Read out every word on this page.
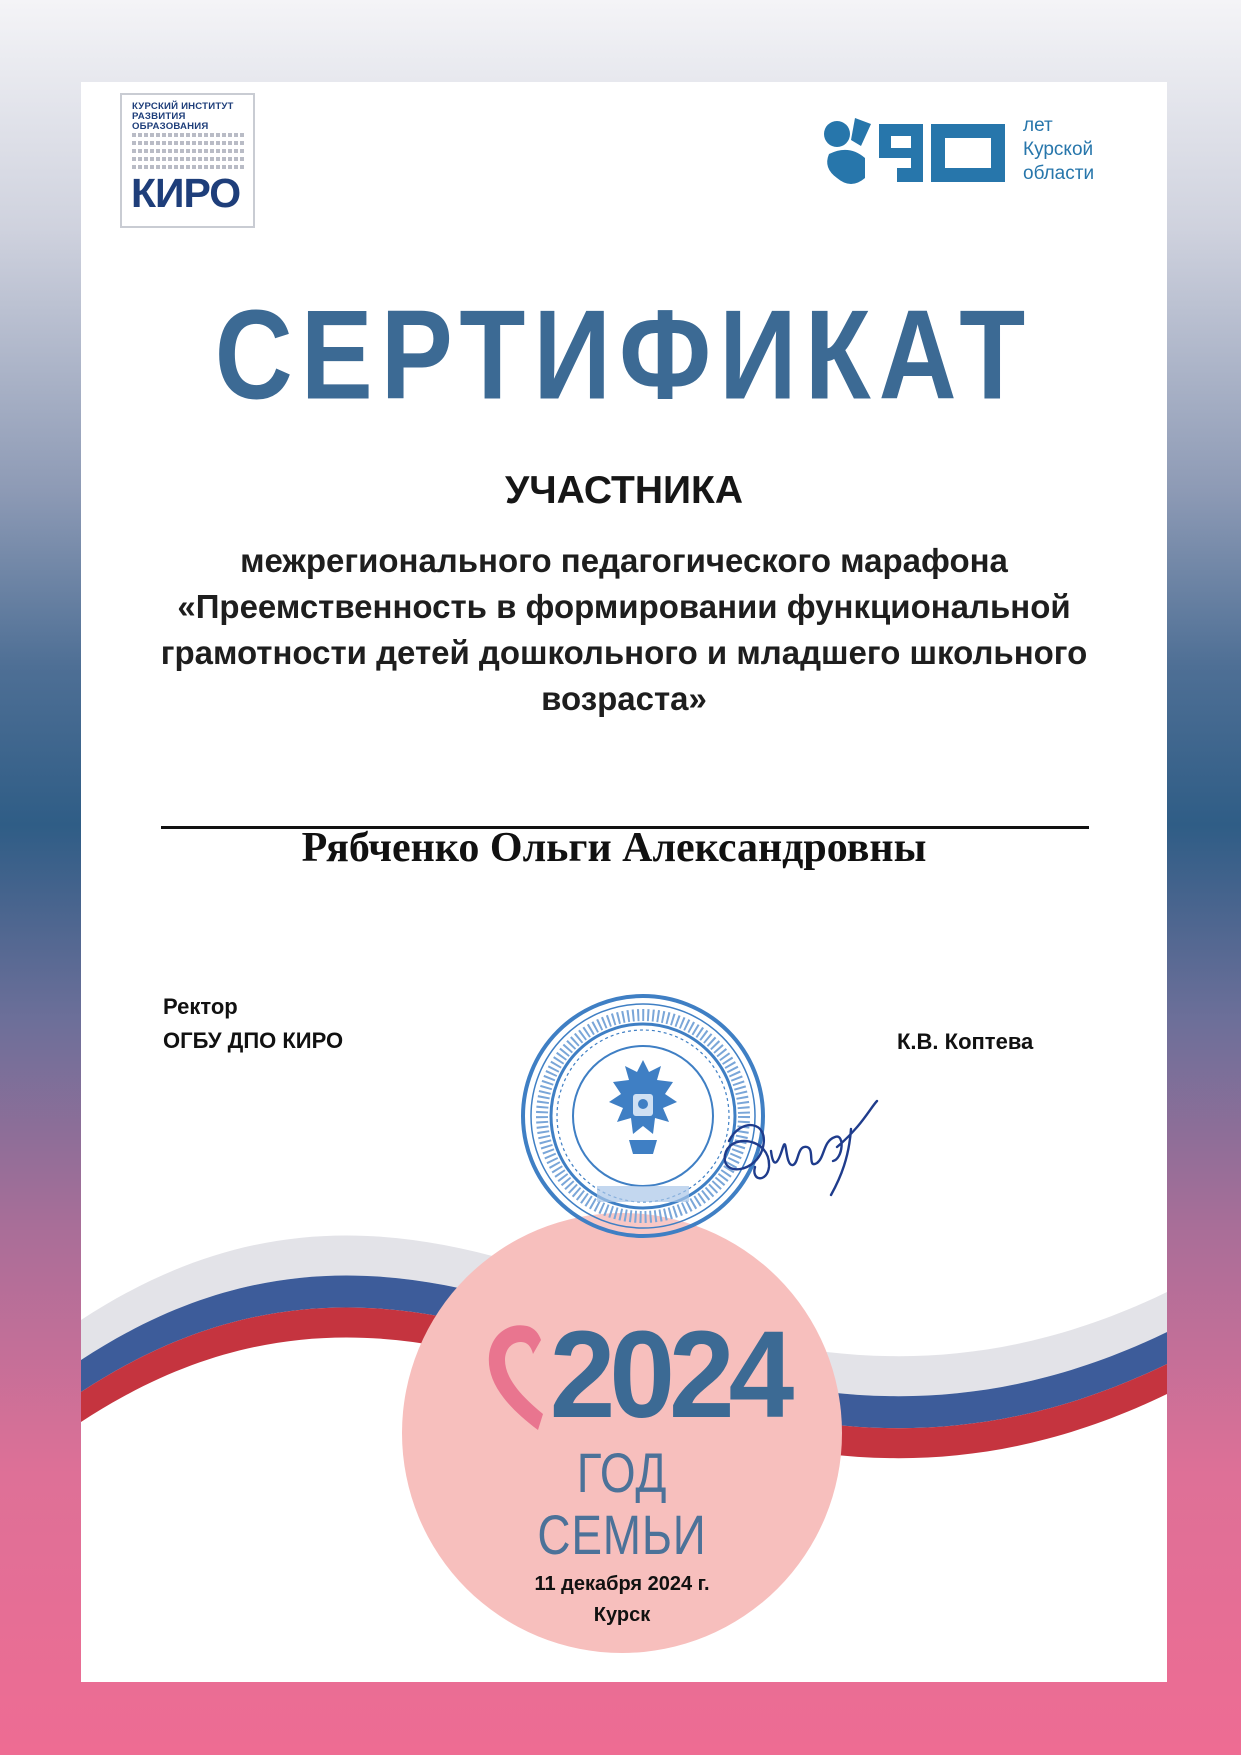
КУРСКИЙ ИНСТИТУТ
РАЗВИТИЯ ОБРАЗОВАНИЯ
КИРО
лет
Курской
области
СЕРТИФИКАТ
УЧАСТНИКА
межрегионального педагогического марафона
«Преемственность в формировании функциональной
грамотности детей дошкольного и младшего школьного
возраста»
Рябченко Ольги Александровны
Ректор
ОГБУ ДПО КИРО	К.В. Коптева
2024
ГОД СЕМЬИ
11 декабря 2024 г.
Курск
